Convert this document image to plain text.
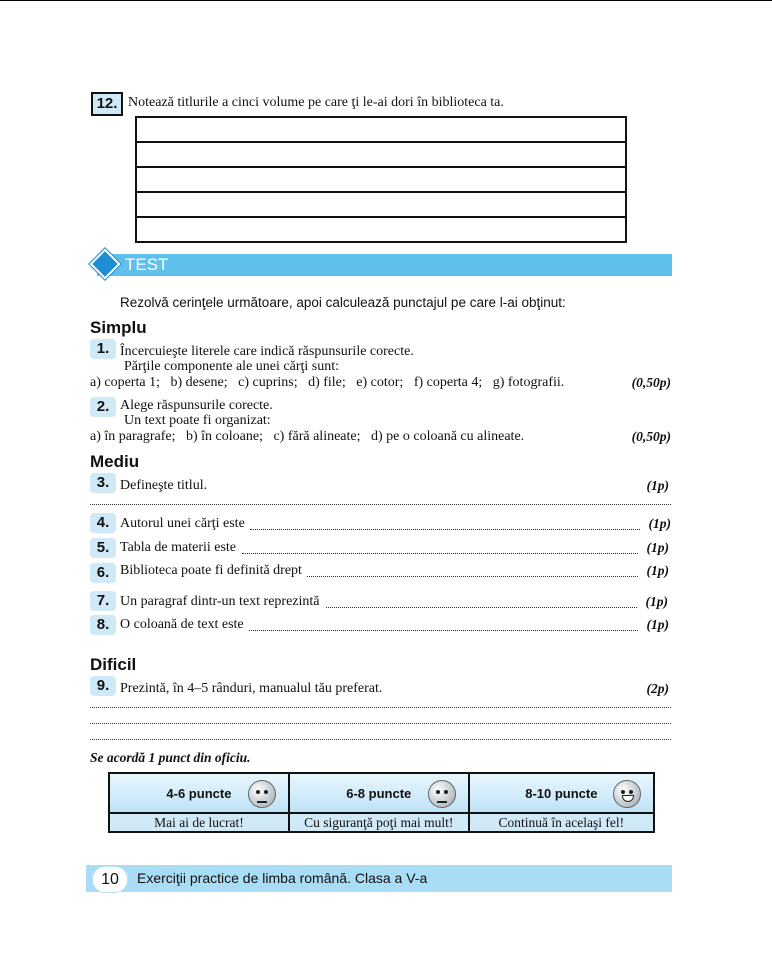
12. Notează titlurile a cinci volume pe care ţi le-ai dori în biblioteca ta.
TEST
Rezolvă cerinţele următoare, apoi calculează punctajul pe care l-ai obţinut:
Simplu
1. Încercuieşte literele care indică răspunsurile corecte.
Părţile componente ale unei cărţi sunt:
a) coperta 1;   b) desene;   c) cuprins;   d) file;   e) cotor;   f) coperta 4;   g) fotografii.	(0,50p)
2. Alege răspunsurile corecte.
Un text poate fi organizat:
a) în paragrafe;   b) în coloane;   c) fără alineate;   d) pe o coloană cu alineate.	(0,50p)
Mediu
3. Defineşte titlul.	(1p)
4. Autorul unei cărţi este	(1p)
5. Tabla de materii este	(1p)
6. Biblioteca poate fi definită drept	(1p)
7. Un paragraf dintr-un text reprezintă	(1p)
8. O coloană de text este	(1p)
Dificil
9. Prezintă, în 4–5 rânduri, manualul tău preferat.	(2p)
Se acordă 1 punct din oficiu.
4-6 puncte	6-8 puncte	8-10 puncte

Mai ai de lucrat!	Cu siguranţă poţi mai mult!	Continuă în acelaşi fel!
10	Exerciţii practice de limba română. Clasa a V-a
